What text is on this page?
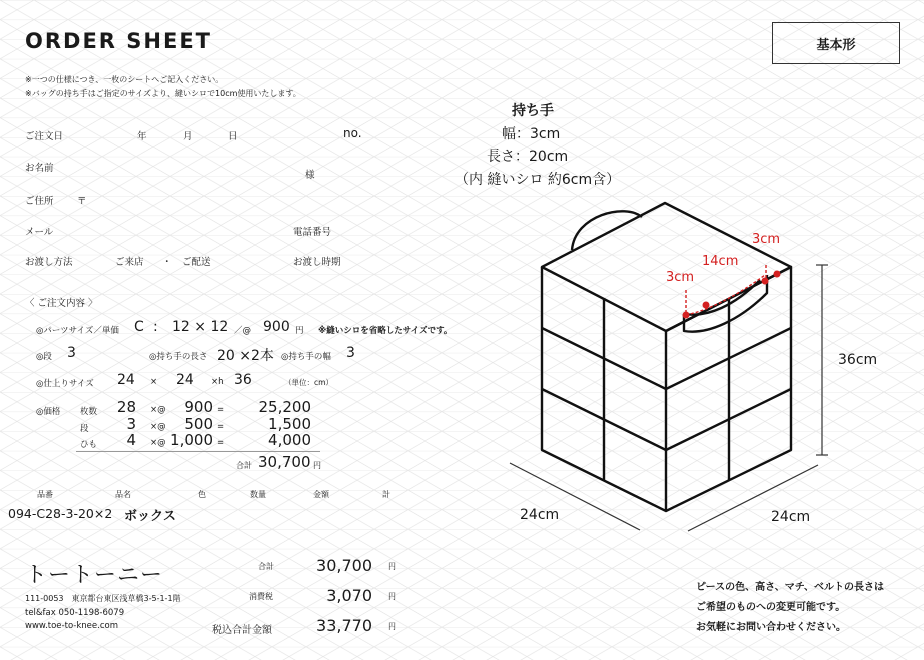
ORDER SHEET	基本形
※一つの仕様につき、一枚のシートへご記入ください。
※バッグの持ち手はご指定のサイズより、縫いシロで10cm使用いたします。
ご注文日	年	月	日	no.
お名前
様
ご住所 〒
メール	電話番号
お渡し方法	ご来店 ・ ご配送	お渡し時期
〈 ご注文内容 〉
◎パーツサイズ／単価 C : 12 × 12 ／@ 900 円 ※縫いシロを省略したサイズです。
◎段 3	◎持ち手の長さ 20 ×2本 ◎持ち手の幅 3
◎仕上りサイズ 24 × 24 ×h 36	（単位：cm）
◎価格 枚数	28 ×@	900 =	25,200
段	3 ×@	500 =	1,500
ひも	4 ×@ 1,000 =	4,000
合計 30,700 円
品番	品名	色	数量	金額	計
094-C28-3-20×2 ボックス
トートーニー
111-0053　東京都台東区浅草橋3-5-1-1階
tel&fax 050-1198-6079
www.toe-to-knee.com
合計	30,700 円
消費税	3,070 円
税込合計金額	33,770 円
持ち手
幅：3cm
長さ：20cm
（内 縫いシロ 約6cm含）
3cm
14cm
3cm
36cm
24cm	24cm
ピースの色、高さ、マチ、ベルトの長さは
ご希望のものへの変更可能です。
お気軽にお問い合わせください。
